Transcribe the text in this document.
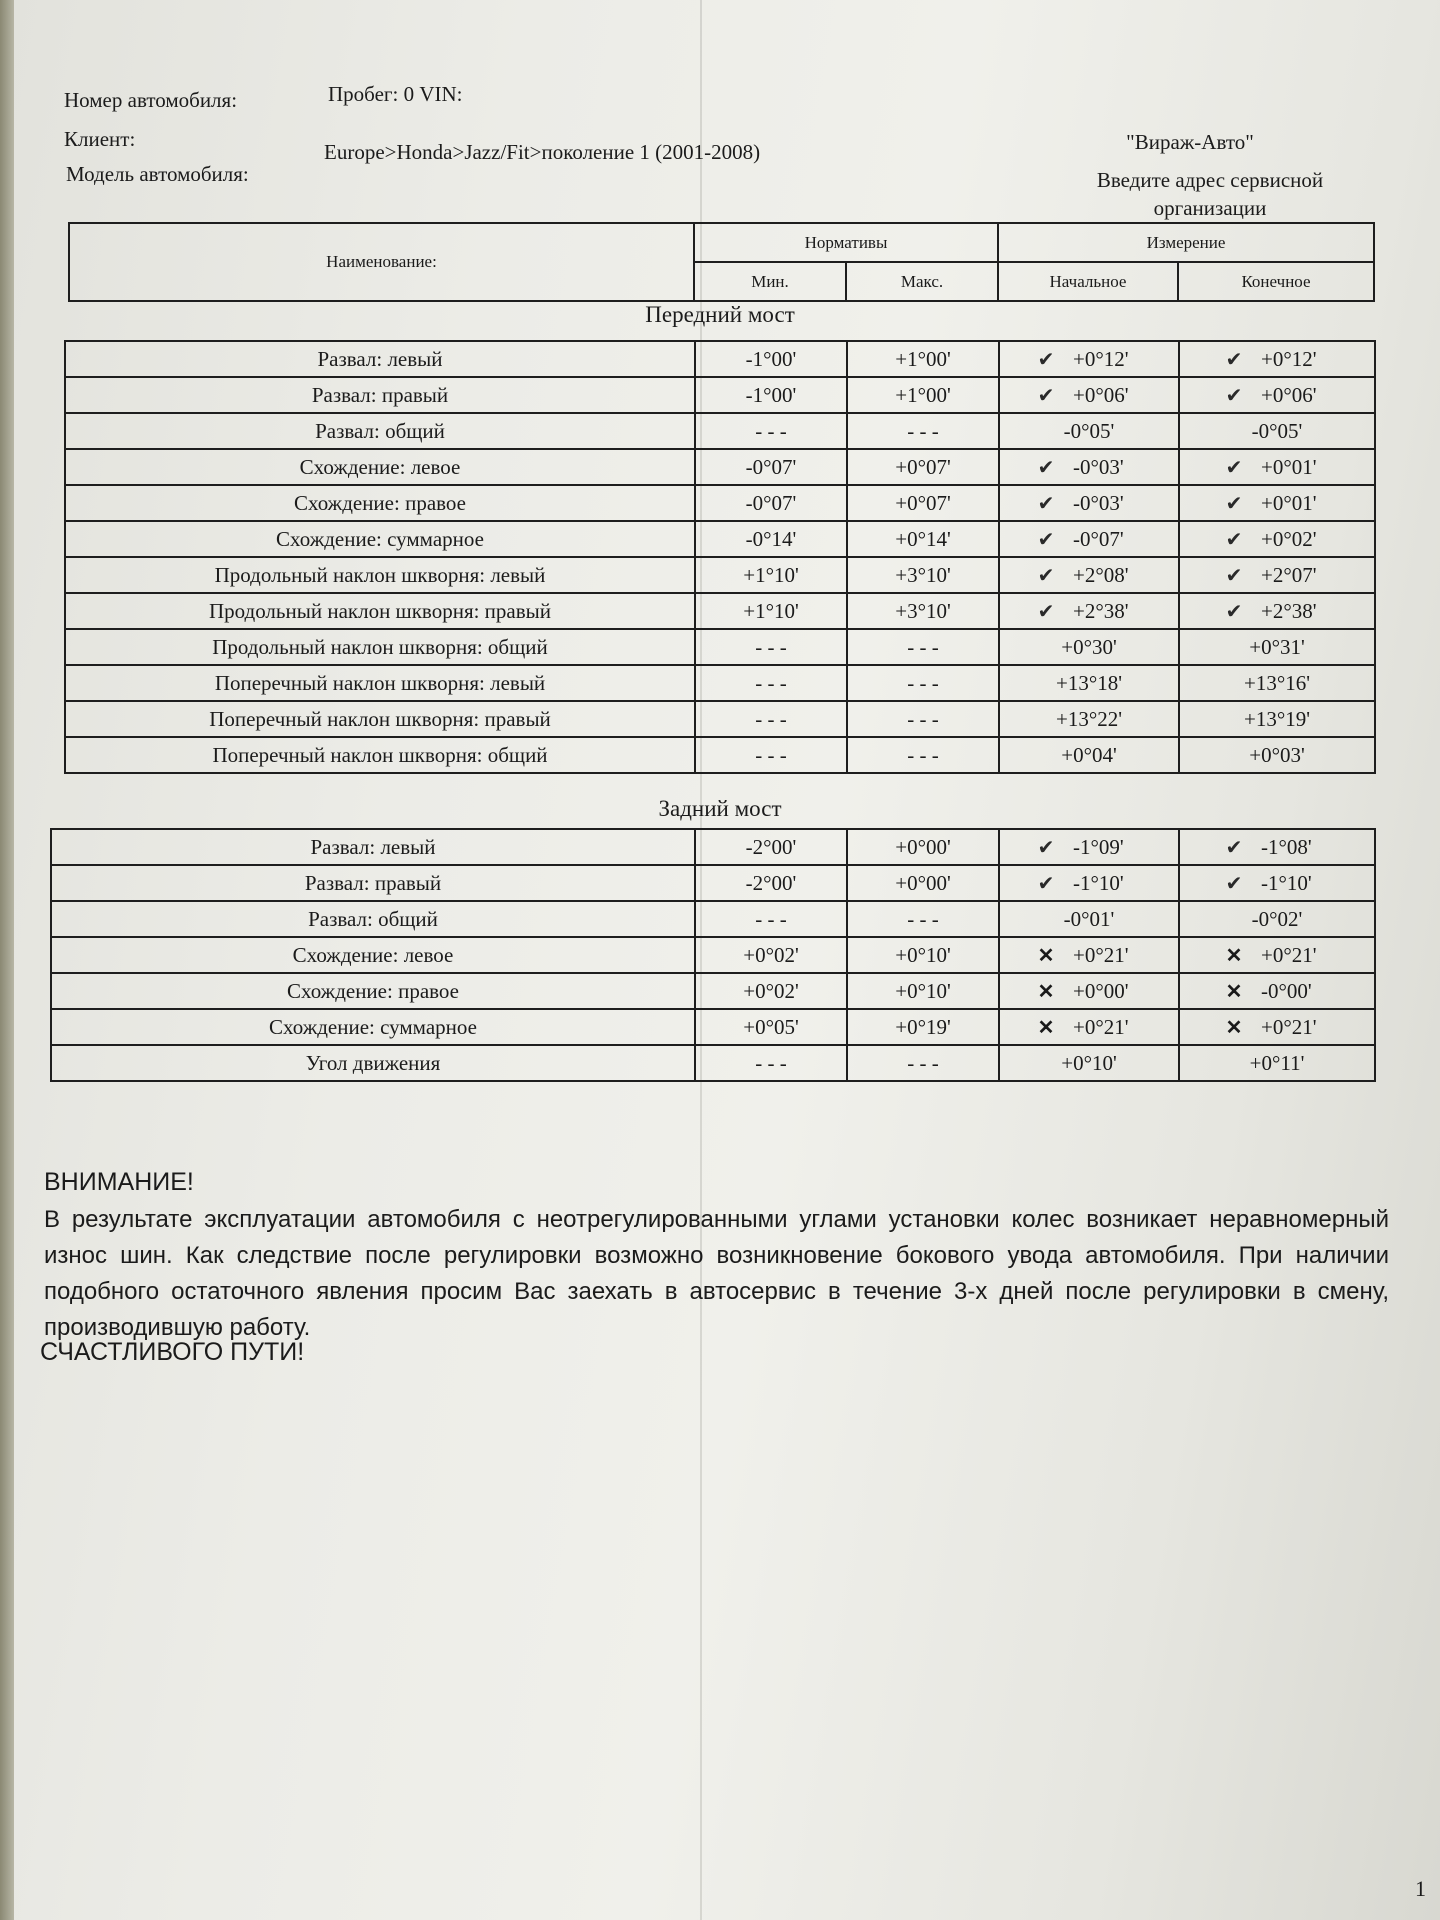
Номер автомобиля:	Пробег: 0 VIN:
Клиент:
Модель автомобиля:
Europe>Honda>Jazz/Fit>поколение 1 (2001-2008)	"Вираж-Авто"
Введите адрес сервисной
организации
Наименование:	Нормативы		Измерение	
	Мин.	Макс.	Начальное	Конечное
Передний мост
Развал: левый	-1°00'	+1°00'	✔ +0°12'	✔ +0°12'
Развал: правый	-1°00'	+1°00'	✔ +0°06'	✔ +0°06'
Развал: общий	- - -	- - -	-0°05'	-0°05'
Схождение: левое	-0°07'	+0°07'	✔ -0°03'	✔ +0°01'
Схождение: правое	-0°07'	+0°07'	✔ -0°03'	✔ +0°01'
Схождение: суммарное	-0°14'	+0°14'	✔ -0°07'	✔ +0°02'
Продольный наклон шкворня: левый	+1°10'	+3°10'	✔ +2°08'	✔ +2°07'
Продольный наклон шкворня: правый	+1°10'	+3°10'	✔ +2°38'	✔ +2°38'
Продольный наклон шкворня: общий	- - -	- - -	+0°30'	+0°31'
Поперечный наклон шкворня: левый	- - -	- - -	+13°18'	+13°16'
Поперечный наклон шкворня: правый	- - -	- - -	+13°22'	+13°19'
Поперечный наклон шкворня: общий	- - -	- - -	+0°04'	+0°03'
Задний мост
Развал: левый	-2°00'	+0°00'	✔ -1°09'	✔ -1°08'
Развал: правый	-2°00'	+0°00'	✔ -1°10'	✔ -1°10'
Развал: общий	- - -	- - -	-0°01'	-0°02'
Схождение: левое	+0°02'	+0°10'	✕ +0°21'	✕ +0°21'
Схождение: правое	+0°02'	+0°10'	✕ +0°00'	✕ -0°00'
Схождение: суммарное	+0°05'	+0°19'	✕ +0°21'	✕ +0°21'
Угол движения	- - -	- - -	+0°10'	+0°11'
ВНИМАНИЕ!
В результате эксплуатации автомобиля с неотрегулированными углами установки колес возникает неравномерный износ шин. Как следствие после регулировки возможно возникновение бокового увода автомобиля. При наличии подобного остаточного явления просим Вас заехать в автосервис в течение 3-х дней после регулировки в смену, производившую работу.
СЧАСТЛИВОГО ПУТИ!
1
